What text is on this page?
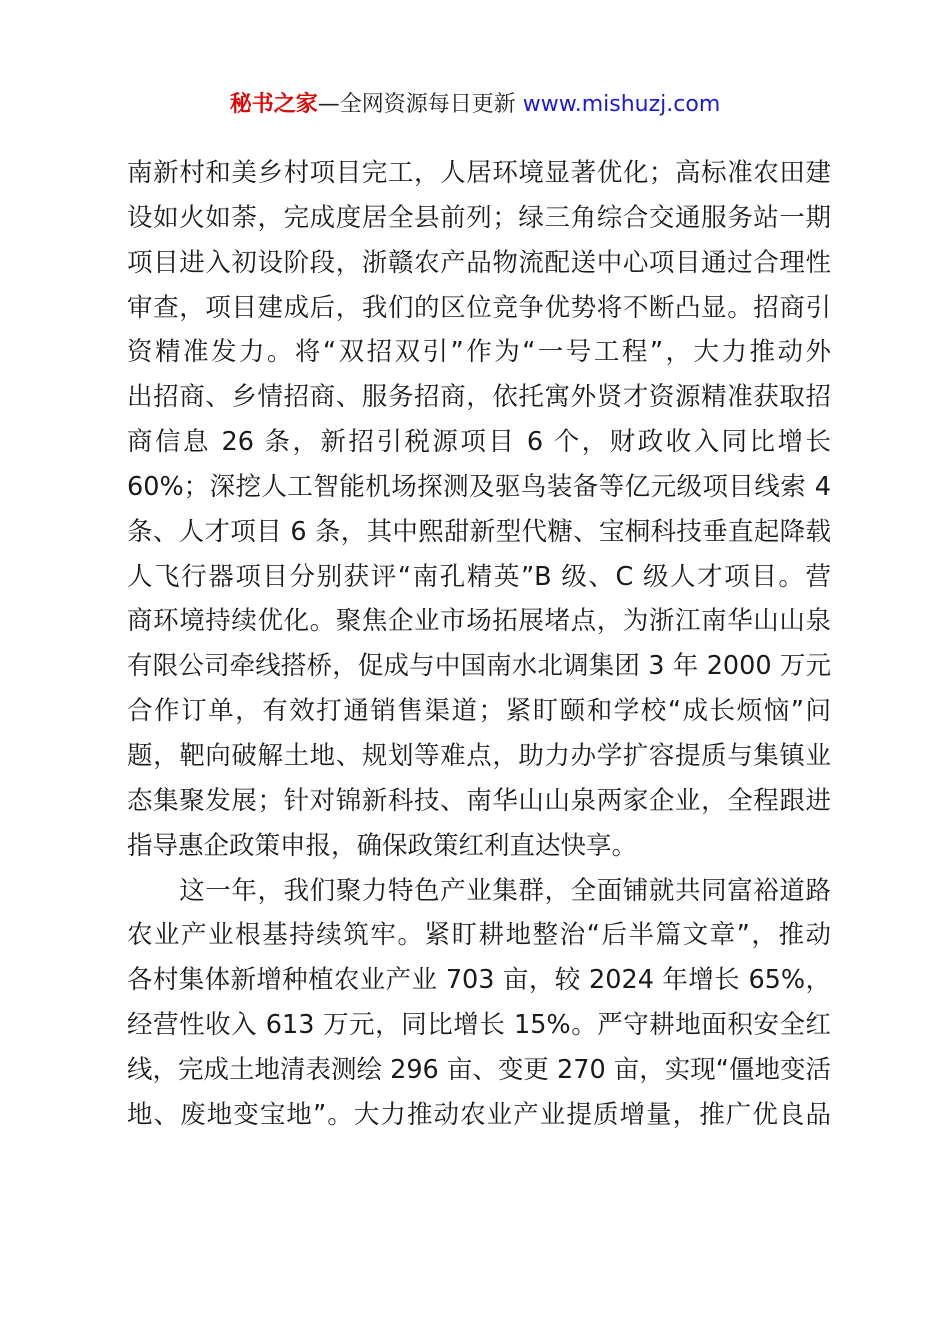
秘书之家—全网资源每日更新 www.mishuzj.com
南新村和美乡村项目完工，人居环境显著优化；高标准农田建
设如火如荼，完成度居全县前列；绿三角综合交通服务站一期
项目进入初设阶段，浙赣农产品物流配送中心项目通过合理性
审查，项目建成后，我们的区位竞争优势将不断凸显。招商引
资精准发力。将“双招双引”作为“一号工程”，大力推动外
出招商、乡情招商、服务招商，依托寓外贤才资源精准获取招
商信息 26 条，新招引税源项目 6 个，财政收入同比增长
60%；深挖人工智能机场探测及驱鸟装备等亿元级项目线索 4
条、人才项目 6 条，其中熙甜新型代糖、宝桐科技垂直起降载
人飞行器项目分别获评“南孔精英”B 级、C 级人才项目。营
商环境持续优化。聚焦企业市场拓展堵点，为浙江南华山山泉
有限公司牵线搭桥，促成与中国南水北调集团 3 年 2000 万元
合作订单，有效打通销售渠道；紧盯颐和学校“成长烦恼”问
题，靶向破解土地、规划等难点，助力办学扩容提质与集镇业
态集聚发展；针对锦新科技、南华山山泉两家企业，全程跟进
指导惠企政策申报，确保政策红利直达快享。
　　这一年，我们聚力特色产业集群，全面铺就共同富裕道路
农业产业根基持续筑牢。紧盯耕地整治“后半篇文章”，推动
各村集体新增种植农业产业 703 亩，较 2024 年增长 65%，
经营性收入 613 万元，同比增长 15%。严守耕地面积安全红
线，完成土地清表测绘 296 亩、变更 270 亩，实现“僵地变活
地、废地变宝地”。大力推动农业产业提质增量，推广优良品
